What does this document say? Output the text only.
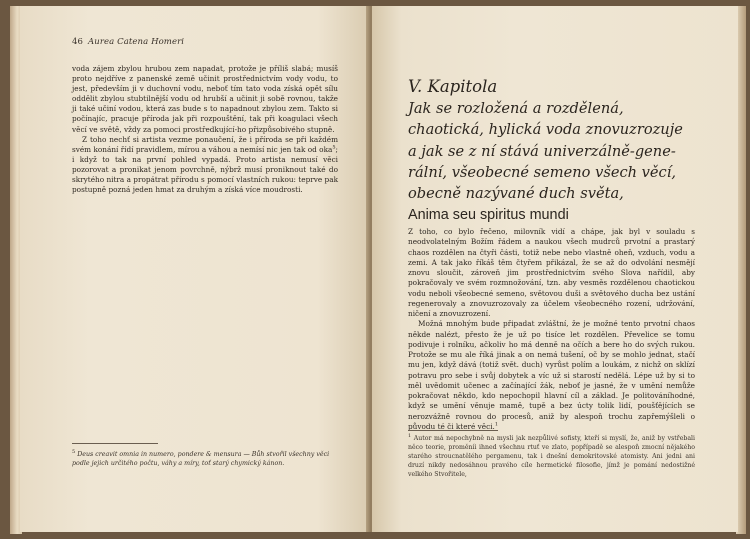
46 Aurea Catena Homeri

voda zájem zbylou hrubou zem napadat, protože je příliš slabá; musíš proto nejdříve z panenské země učinit prostřednictvím vody vodu, to jest, především ji v duchovní vodu, neboť tím tato voda získá opět sílu oddělit zbylou stubtilnější vodu od hrubší a učinit ji sobě rovnou, takže ji také učiní vodou, která zas bude s to napadnout zbylou zem. Takto si počínajíc, pracuje příroda jak při rozpouštění, tak při koagulaci všech věcí ve světě, vždy za pomoci prostředkující-ho přizpůsobivého stupně.

Z toho nechť si artista vezme ponaučení, že i příroda se při každém svém konání řídí pravidlem, mírou a váhou a nemísí nic jen tak od oka$^5$; i když to tak na první pohled vypadá. Proto artista nemusí věci pozorovat a pronikat jenom povrchně, nýbrž musí proniknout také do skrytého nitra a propátrat přírodu s pomocí vlastních rukou: teprve pak postupně pozná jeden hmat za druhým a získá více moudrosti.

$^5$ Deus creavit omnia in numero, pondere & mensura — Bůh stvořil všechny věci podle jejich určitého počtu, váhy a míry, toť starý chymický kánon.
V. Kapitola
Jak se rozložená a rozdělená,
chaotická, hylická voda znovuzrozuje
a jak se z ní stává univerzálně-gene-
rální, všeobecné semeno všech věcí,
obecně nazývané duch světa,
Anima seu spiritus mundi

Z toho, co bylo řečeno, milovník vidí a chápe, jak byl v souladu s neodvolatelným Božím řádem a naukou všech mudrců prvotní a prastarý chaos rozdělen na čtyři části, totiž nebe nebo vlastně oheň, vzduch, vodu a zemi. A tak jako říkáš těm čtyřem přikázal, že se až do odvolání nesmějí znovu sloučit, zároveň jim prostřednictvím svého Slova nařídil, aby pokračovaly ve svém rozmnožování, tzn. aby vesměs rozdělenou chaotickou vodu neboli všeobecné semeno, světovou duši a světového ducha bez ustání regenerovaly a znovuzrozovaly za účelem všeobecného rození, udržování, ničení a znovuzrození.

Možná mnohým bude připadat zvláštní, že je možné tento prvotní chaos někde nalézt, přesto že je už po tisíce let rozdělen. Převelice se tomu podivuje i rolníku, ačkoliv ho má denně na očích a bere ho do svých rukou. Protože se mu ale říká jinak a on nemá tušení, oč by se mohlo jednat, stačí mu jen, když dává (totiž svět. duch) vyrůst polím a loukám, z nichž on sklízí potravu pro sebe i svůj dobytek a víc už si starostí nedělá. Lépe už by si to měl uvědomit učenec a začínající žák, neboť je jasné, že v umění nemůže pokračovat někdo, kdo nepochopil hlavní cíl a základ. Je politováníhodné, když se umění věnuje mamě, tupě a bez úcty tolik lidí, poušťějících se nerozvážně rovnou do procesů, aniž by alespoň trochu zapřemýšleli o původu té či které věci.$^1$

$^1$ Autor má nepochybně na mysli jak nezpůlivé sofisty, kteří si myslí, že, aniž by vstřebali něco teorie, proměníi ihned všechnu rtuť ve zlato, popřípadě se alespoň zmocní nějakého starého stroucnatělého pergamenu, tak i dnešní demokritovské atomisty. Ani jedni ani druzí nikdy nedosáhnou pravého cíle hermetické filosofie, jímž je pomání nedostižné velkého Stvořitele,
